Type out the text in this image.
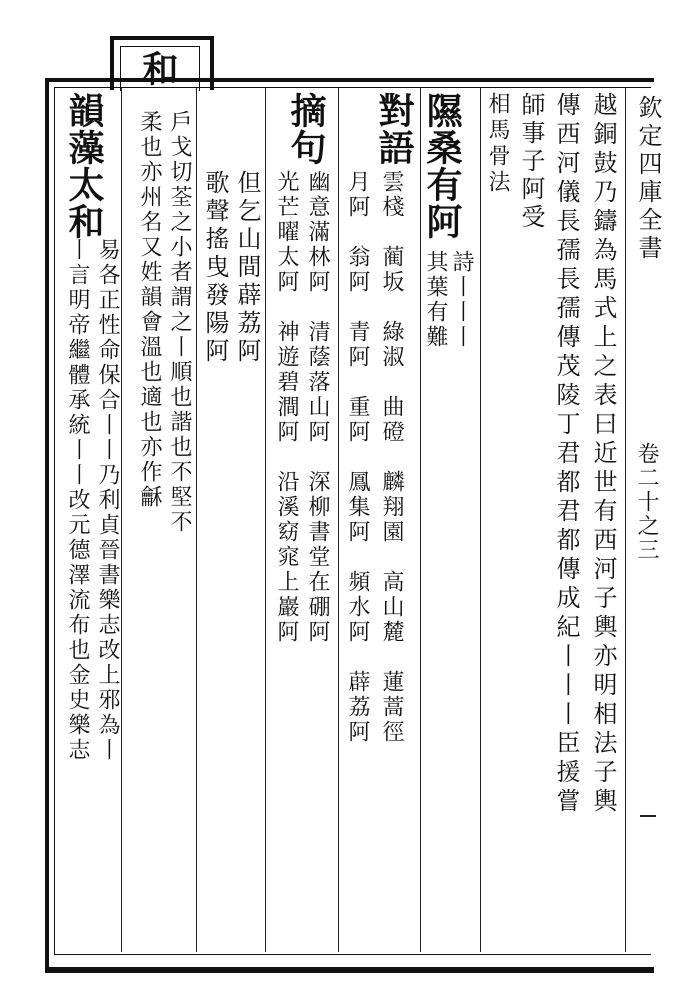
欽定四庫全書
卷二十之三
越銅鼓乃鑄為馬式上之表曰近世有西河子輿亦明相法子輿
傳西河儀長孺長孺傳茂陵丁君都君都傳成紀丨丨丨臣援嘗
師事子阿受
相馬骨法
隰桑有阿
詩丨丨丨
其葉有難
對語
雲棧　蔺坂　綠淑　曲磴　麟翔園　高山麓　蓮蒿徑
月阿　翁阿　青阿　重阿　鳳集阿　頻水阿　薜荔阿
摘句
幽意滿林阿　清蔭落山阿　深柳書堂在硼阿
光芒曜太阿　神遊碧澗阿　沿溪窈窕上巖阿
但乞山間薜荔阿
歌聲搖曳發陽阿
和
戶戈切荃之小者謂之丨順也諧也不堅不
柔也亦州名又姓韻會溫也適也亦作龢
韻藻太和
易各正性命保合丨丨乃利貞晉書樂志改上邪為丨
丨言明帝繼體承統丨丨改元德澤流布也金史樂志
